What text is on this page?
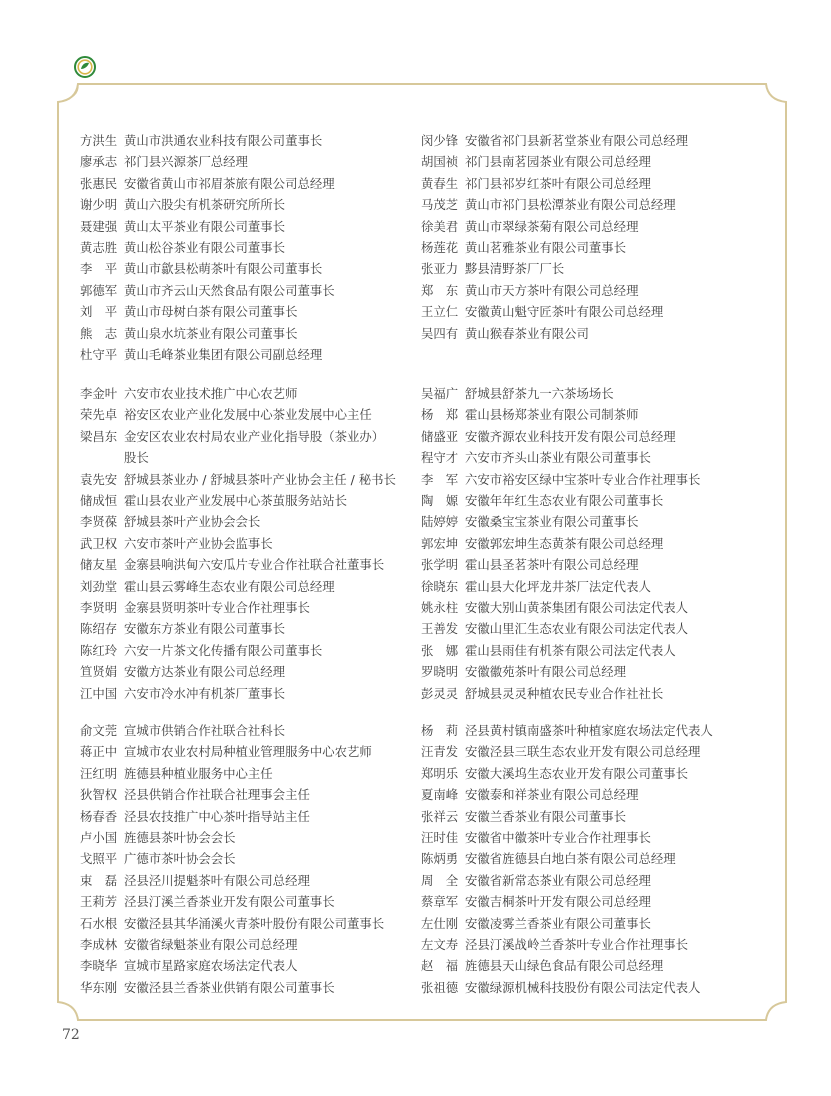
方洪生 黄山市洪通农业科技有限公司董事长
廖承志 祁门县兴源茶厂总经理
张惠民 安徽省黄山市祁眉茶旅有限公司总经理
谢少明 黄山六股尖有机茶研究所所长
聂建强 黄山太平茶业有限公司董事长
黄志胜 黄山松谷茶业有限公司董事长
李　平 黄山市歙县松萌茶叶有限公司董事长
郭德军 黄山市齐云山天然食品有限公司董事长
刘　平 黄山市母树白茶有限公司董事长
熊　志 黄山泉水坑茶业有限公司董事长
杜守平 黄山毛峰茶业集团有限公司副总经理
李金叶 六安市农业技术推广中心农艺师
荣先卓 裕安区农业产业化发展中心茶业发展中心主任
梁昌东 金安区农业农村局农业产业化指导股（茶业办）
股长
袁先安 舒城县茶业办 / 舒城县茶叶产业协会主任 / 秘书长
储成恒 霍山县农业产业发展中心茶茧服务站站长
李贤葆 舒城县茶叶产业协会会长
武卫权 六安市茶叶产业协会监事长
储友星 金寨县响洪甸六安瓜片专业合作社联合社董事长
刘劲堂 霍山县云雾峰生态农业有限公司总经理
李贤明 金寨县贤明茶叶专业合作社理事长
陈绍存 安徽东方茶业有限公司董事长
陈红玲 六安一片茶文化传播有限公司董事长
笪贤娟 安徽方达茶业有限公司总经理
江中国 六安市冷水冲有机茶厂董事长
俞文莞 宣城市供销合作社联合社科长
蒋正中 宣城市农业农村局种植业管理服务中心农艺师
汪红明 旌德县种植业服务中心主任
狄智权 泾县供销合作社联合社理事会主任
杨春香 泾县农技推广中心茶叶指导站主任
卢小国 旌德县茶叶协会会长
戈照平 广德市茶叶协会会长
束　磊 泾县泾川提魁茶叶有限公司总经理
王莉芳 泾县汀溪兰香茶业开发有限公司董事长
石水根 安徽泾县其华涌溪火青茶叶股份有限公司董事长
李成林 安徽省绿魁茶业有限公司总经理
李晓华 宣城市星路家庭农场法定代表人
华东刚 安徽泾县兰香茶业供销有限公司董事长
闵少锋 安徽省祁门县新茗堂茶业有限公司总经理
胡国祯 祁门县南茗园茶业有限公司总经理
黄春生 祁门县祁岁红茶叶有限公司总经理
马茂芝 黄山市祁门县松潭茶业有限公司总经理
徐美君 黄山市翠绿茶菊有限公司总经理
杨莲花 黄山茗雅茶业有限公司董事长
张亚力 黟县清野茶厂厂长
郑　东 黄山市天方茶叶有限公司总经理
王立仁 安徽黄山魁守匠茶叶有限公司总经理
吴四有 黄山猴春茶业有限公司
吴福广 舒城县舒茶九一六茶场场长
杨　郑 霍山县杨郑茶业有限公司制茶师
储盛亚 安徽齐源农业科技开发有限公司总经理
程守才 六安市齐头山茶业有限公司董事长
李　军 六安市裕安区绿中宝茶叶专业合作社理事长
陶　嫄 安徽年年红生态农业有限公司董事长
陆婷婷 安徽桑宝宝茶业有限公司董事长
郭宏坤 安徽郭宏坤生态黄茶有限公司总经理
张学明 霍山县圣茗茶叶有限公司总经理
徐晓东 霍山县大化坪龙井茶厂法定代表人
姚永柱 安徽大别山黄茶集团有限公司法定代表人
王善发 安徽山里汇生态农业有限公司法定代表人
张　娜 霍山县雨佳有机茶有限公司法定代表人
罗晓明 安徽徽苑茶叶有限公司总经理
彭灵灵 舒城县灵灵种植农民专业合作社社长
杨　莉 泾县黄村镇南盛茶叶种植家庭农场法定代表人
汪青发 安徽泾县三联生态农业开发有限公司总经理
郑明乐 安徽大溪坞生态农业开发有限公司董事长
夏南峰 安徽泰和祥茶业有限公司总经理
张祥云 安徽兰香茶业有限公司董事长
汪时佳 安徽省中徽茶叶专业合作社理事长
陈炳勇 安徽省旌德县白地白茶有限公司总经理
周　全 安徽省新常态茶业有限公司总经理
蔡章军 安徽吉桐茶叶开发有限公司总经理
左仕刚 安徽凌雾兰香茶业有限公司董事长
左文寿 泾县汀溪战岭兰香茶叶专业合作社理事长
赵　福 旌德县天山绿色食品有限公司总经理
张祖德 安徽绿源机械科技股份有限公司法定代表人
72
